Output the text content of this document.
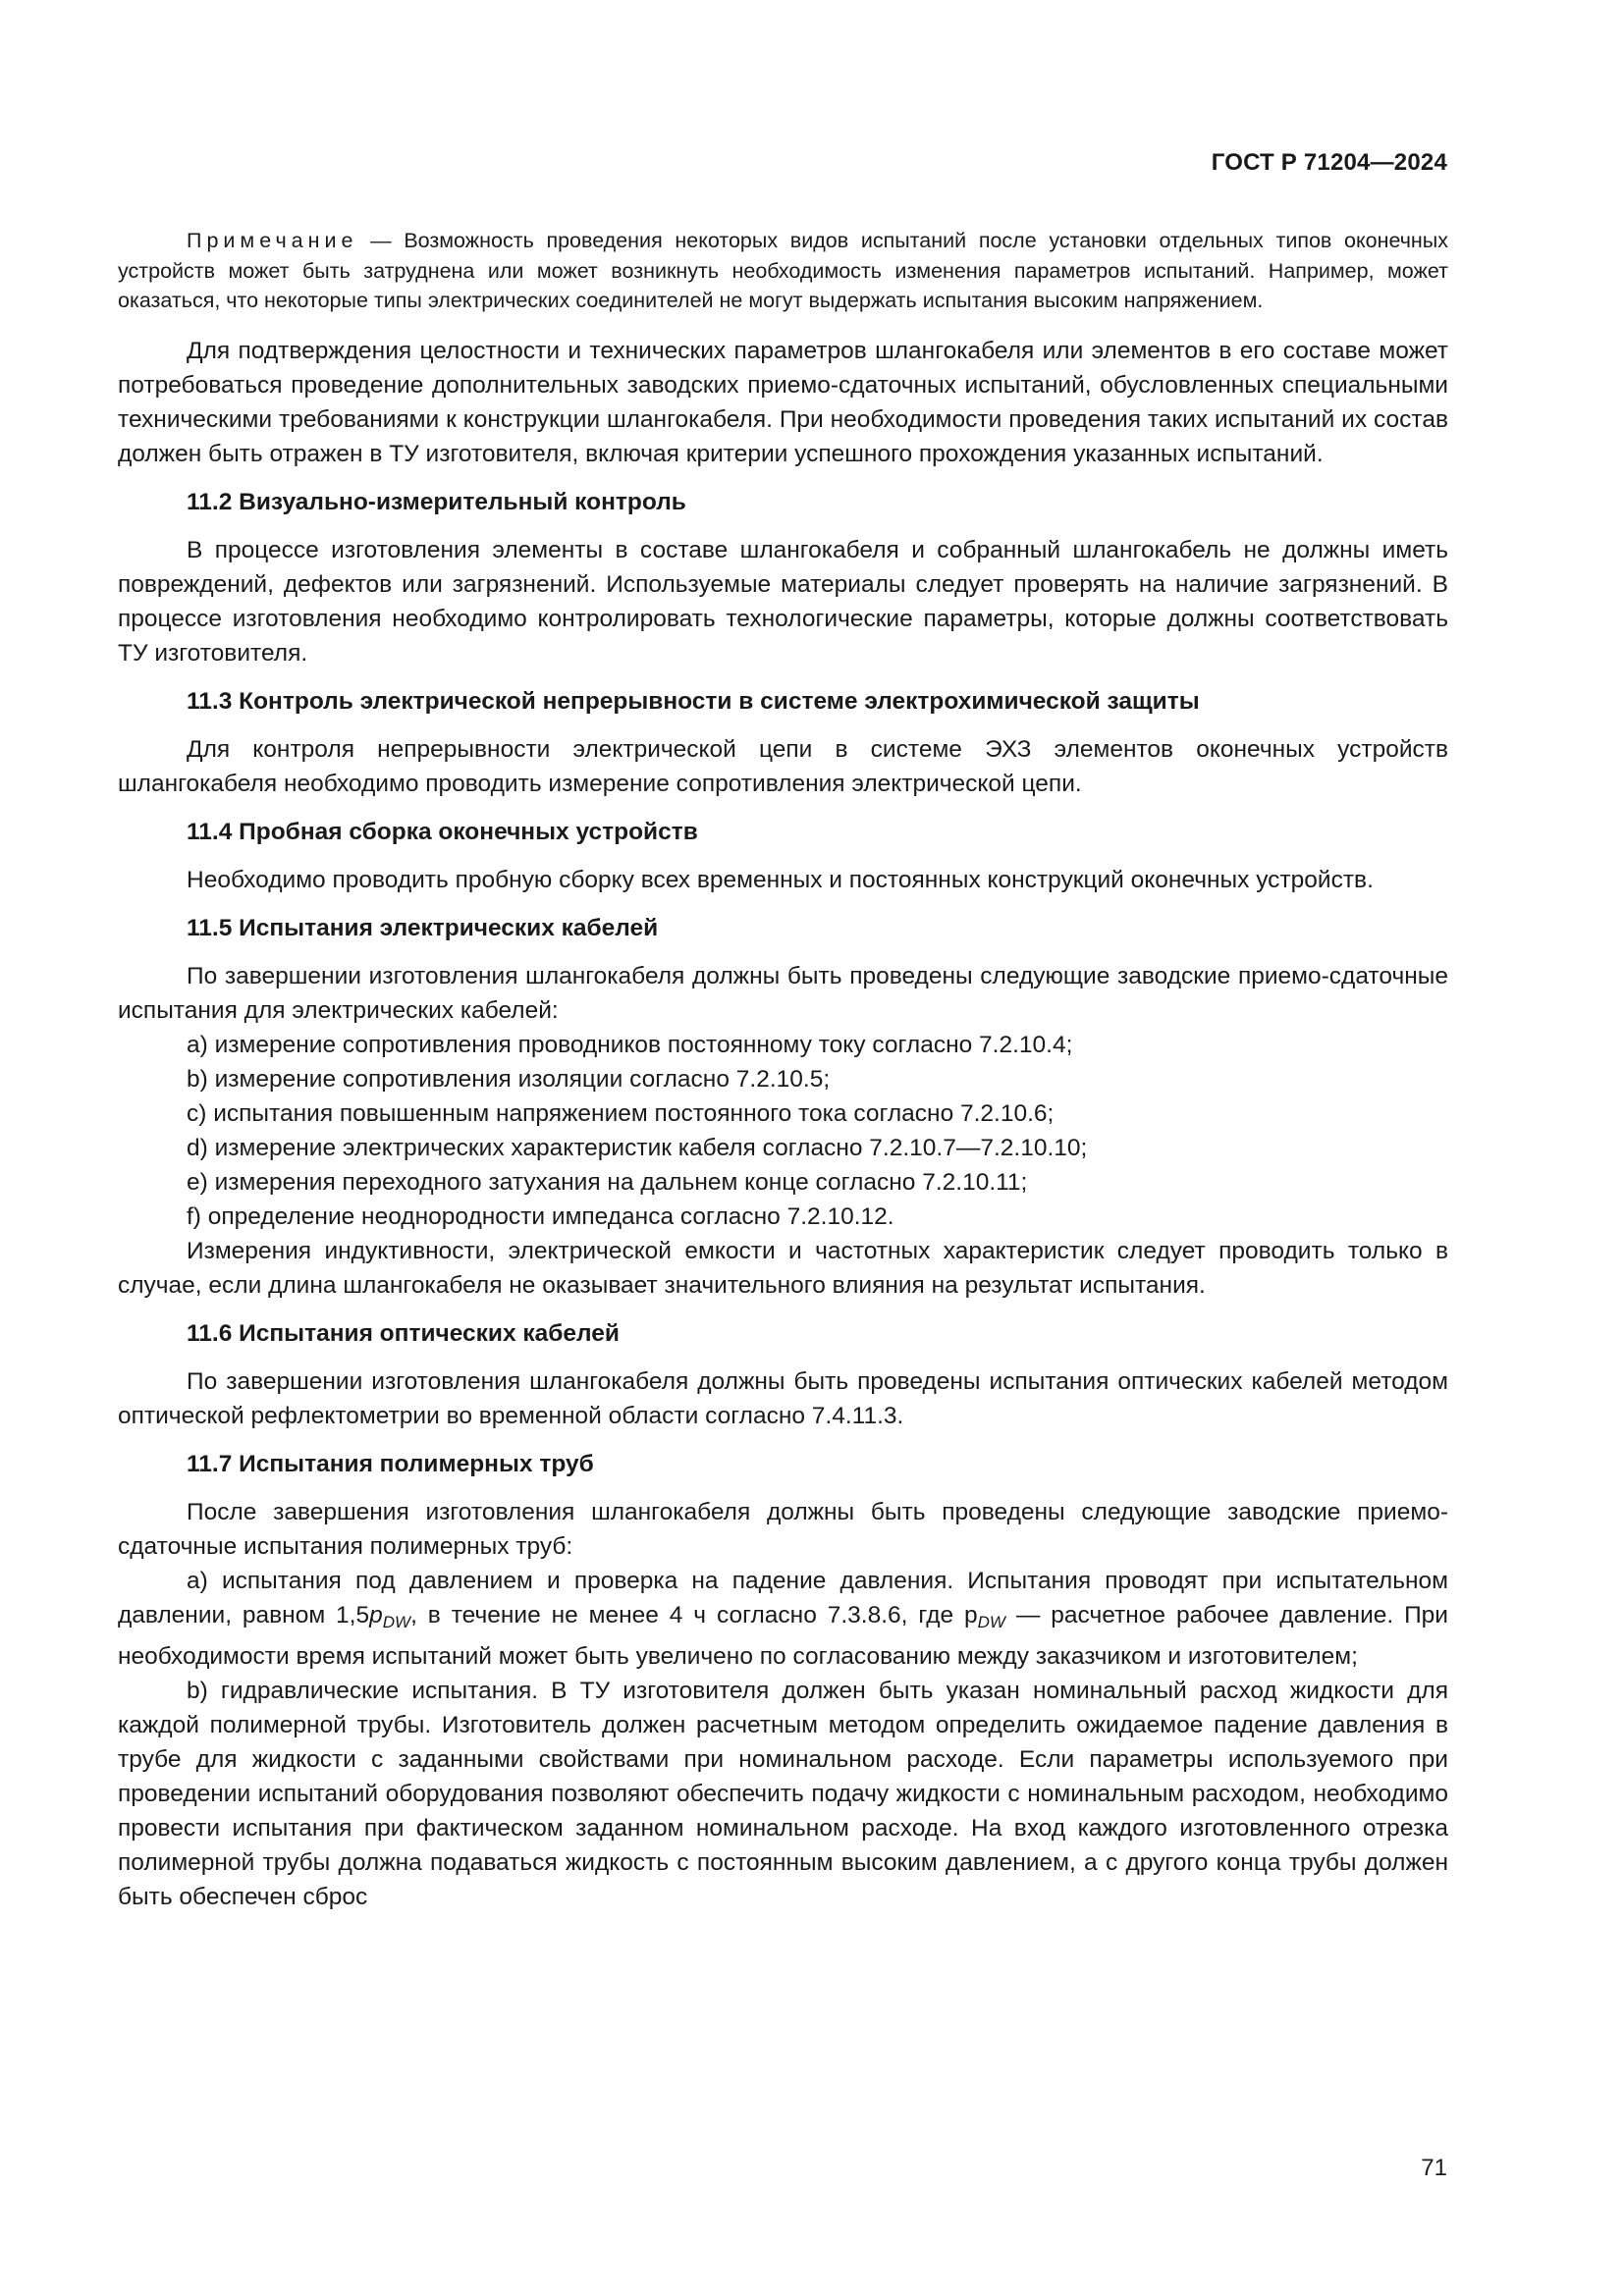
ГОСТ Р 71204—2024

Примечание — Возможность проведения некоторых видов испытаний после установки отдельных типов оконечных устройств может быть затруднена или может возникнуть необходимость изменения параметров испытаний. Например, может оказаться, что некоторые типы электрических соединителей не могут выдержать испытания высоким напряжением.

Для подтверждения целостности и технических параметров шлангокабеля или элементов в его составе может потребоваться проведение дополнительных заводских приемо-сдаточных испытаний, обусловленных специальными техническими требованиями к конструкции шлангокабеля. При необходимости проведения таких испытаний их состав должен быть отражен в ТУ изготовителя, включая критерии успешного прохождения указанных испытаний.

11.2 Визуально-измерительный контроль

В процессе изготовления элементы в составе шлангокабеля и собранный шлангокабель не должны иметь повреждений, дефектов или загрязнений. Используемые материалы следует проверять на наличие загрязнений. В процессе изготовления необходимо контролировать технологические параметры, которые должны соответствовать ТУ изготовителя.

11.3 Контроль электрической непрерывности в системе электрохимической защиты

Для контроля непрерывности электрической цепи в системе ЭХЗ элементов оконечных устройств шлангокабеля необходимо проводить измерение сопротивления электрической цепи.

11.4 Пробная сборка оконечных устройств

Необходимо проводить пробную сборку всех временных и постоянных конструкций оконечных устройств.

11.5 Испытания электрических кабелей

По завершении изготовления шлангокабеля должны быть проведены следующие заводские приемо-сдаточные испытания для электрических кабелей:

a) измерение сопротивления проводников постоянному току согласно 7.2.10.4;

b) измерение сопротивления изоляции согласно 7.2.10.5;

c) испытания повышенным напряжением постоянного тока согласно 7.2.10.6;

d) измерение электрических характеристик кабеля согласно 7.2.10.7—7.2.10.10;

e) измерения переходного затухания на дальнем конце согласно 7.2.10.11;

f) определение неоднородности импеданса согласно 7.2.10.12.

Измерения индуктивности, электрической емкости и частотных характеристик следует проводить только в случае, если длина шлангокабеля не оказывает значительного влияния на результат испытания.

11.6 Испытания оптических кабелей

По завершении изготовления шлангокабеля должны быть проведены испытания оптических кабелей методом оптической рефлектометрии во временной области согласно 7.4.11.3.

11.7 Испытания полимерных труб

После завершения изготовления шлангокабеля должны быть проведены следующие заводские приемо-сдаточные испытания полимерных труб:

a) испытания под давлением и проверка на падение давления. Испытания проводят при испытательном давлении, равном $1,5p_{DW}$, в течение не менее 4 ч согласно 7.3.8.6, где $p_{DW}$ — расчетное рабочее давление. При необходимости время испытаний может быть увеличено по согласованию между заказчиком и изготовителем;

b) гидравлические испытания. В ТУ изготовителя должен быть указан номинальный расход жидкости для каждой полимерной трубы. Изготовитель должен расчетным методом определить ожидаемое падение давления в трубе для жидкости с заданными свойствами при номинальном расходе. Если параметры используемого при проведении испытаний оборудования позволяют обеспечить подачу жидкости с номинальным расходом, необходимо провести испытания при фактическом заданном номинальном расходе. На вход каждого изготовленного отрезка полимерной трубы должна подаваться жидкость с постоянным высоким давлением, а с другого конца трубы должен быть обеспечен сброс

71
